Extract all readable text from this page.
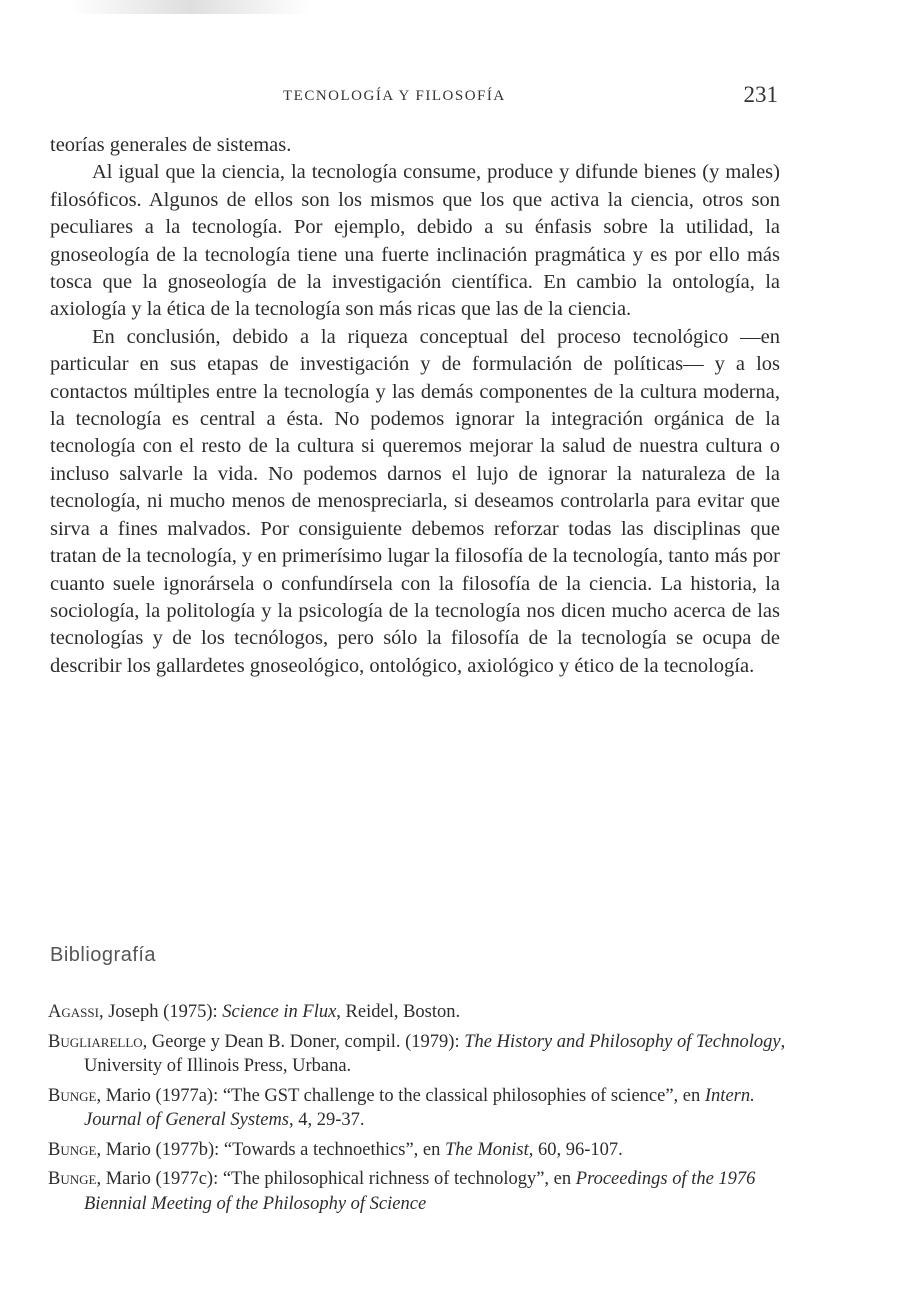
TECNOLOGÍA Y FILOSOFÍA	231

teorías generales de sistemas.

Al igual que la ciencia, la tecnología consume, produce y difunde bienes (y males) filosóficos. Algunos de ellos son los mismos que los que activa la ciencia, otros son peculiares a la tecnología. Por ejemplo, debido a su énfasis sobre la utilidad, la gnoseología de la tecnología tiene una fuerte inclinación pragmática y es por ello más tosca que la gnoseología de la investigación científica. En cambio la ontología, la axiología y la ética de la tecnología son más ricas que las de la ciencia.

En conclusión, debido a la riqueza conceptual del proceso tecnológico —en particular en sus etapas de investigación y de formulación de políticas— y a los contactos múltiples entre la tecnología y las demás componentes de la cultura moderna, la tecnología es central a ésta. No podemos ignorar la integración orgánica de la tecnología con el resto de la cultura si queremos mejorar la salud de nuestra cultura o incluso salvarle la vida. No podemos darnos el lujo de ignorar la naturaleza de la tecnología, ni mucho menos de menospreciarla, si deseamos controlarla para evitar que sirva a fines malvados. Por consiguiente debemos reforzar todas las disciplinas que tratan de la tecnología, y en primerísimo lugar la filosofía de la tecnología, tanto más por cuanto suele ignorársela o confundírsela con la filosofía de la ciencia. La historia, la sociología, la politología y la psicología de la tecnología nos dicen mucho acerca de las tecnologías y de los tecnólogos, pero sólo la filosofía de la tecnología se ocupa de describir los gallardetes gnoseológico, ontológico, axiológico y ético de la tecnología.

Bibliografía

Agassi, Joseph (1975): Science in Flux, Reidel, Boston.

Bugliarello, George y Dean B. Doner, compil. (1979): The History and Philosophy of Technology, University of Illinois Press, Urbana.

Bunge, Mario (1977a): “The GST challenge to the classical philosophies of science”, en Intern. Journal of General Systems, 4, 29-37.

Bunge, Mario (1977b): “Towards a technoethics”, en The Monist, 60, 96-107.

Bunge, Mario (1977c): “The philosophical richness of technology”, en Proceedings of the 1976 Biennial Meeting of the Philosophy of Science
